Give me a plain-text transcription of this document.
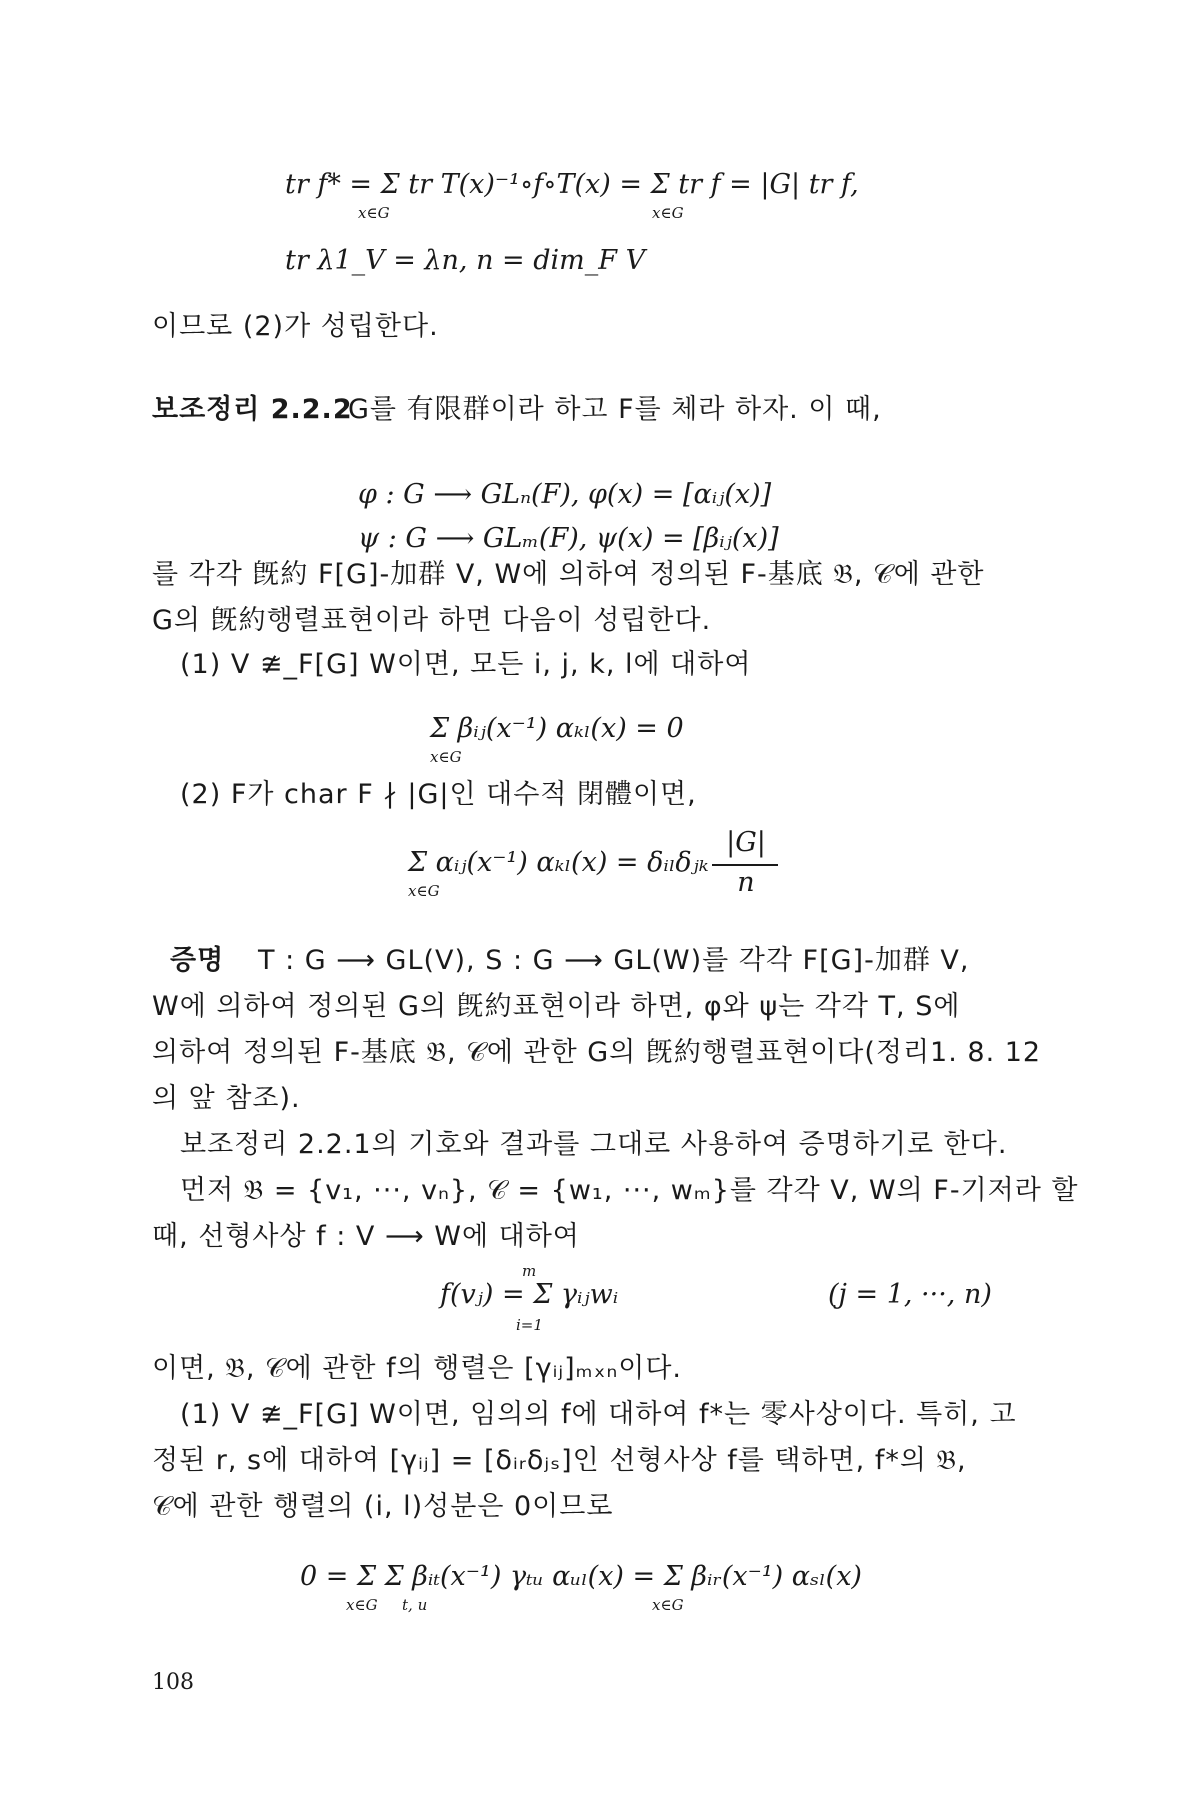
tr f* = Σ tr T(x)⁻¹∘f∘T(x) = Σ tr f = |G| tr f,
x∈G	x∈G
tr λ1_V = λn, n = dim_F V
이므로 (2)가 성립한다.
보조정리 2.2.2
G를 有限群이라 하고 F를 체라 하자. 이 때,
φ : G ⟶ GLₙ(F), φ(x) = [αᵢⱼ(x)]
ψ : G ⟶ GLₘ(F), ψ(x) = [βᵢⱼ(x)]
를 각각 旣約 F[G]-加群 V, W에 의하여 정의된 F-基底 𝔅, 𝒞에 관한
G의 旣約행렬표현이라 하면 다음이 성립한다.
(1) V ≇_F[G] W이면, 모든 i, j, k, l에 대하여
Σ βᵢⱼ(x⁻¹) αₖₗ(x) = 0
x∈G
(2) F가 char F ∤ |G|인 대수적 閉體이면,
Σ αᵢⱼ(x⁻¹) αₖₗ(x) = δᵢₗδⱼₖ
x∈G
|G|
n
증명 T : G ⟶ GL(V), S : G ⟶ GL(W)를 각각 F[G]-加群 V,
W에 의하여 정의된 G의 旣約표현이라 하면, φ와 ψ는 각각 T, S에
의하여 정의된 F-基底 𝔅, 𝒞에 관한 G의 旣約행렬표현이다(정리1. 8. 12
의 앞 참조).
보조정리 2.2.1의 기호와 결과를 그대로 사용하여 증명하기로 한다.
먼저 𝔅 = {v₁, ···, vₙ}, 𝒞 = {w₁, ···, wₘ}를 각각 V, W의 F-기저라 할
때, 선형사상 f : V ⟶ W에 대하여
m
f(vⱼ) = Σ γᵢⱼwᵢ
i=1
(j = 1, ···, n)
이면, 𝔅, 𝒞에 관한 f의 행렬은 [γᵢⱼ]ₘₓₙ이다.
(1) V ≇_F[G] W이면, 임의의 f에 대하여 f*는 零사상이다. 특히, 고
정된 r, s에 대하여 [γᵢⱼ] = [δᵢᵣδⱼₛ]인 선형사상 f를 택하면, f*의 𝔅,
𝒞에 관한 행렬의 (i, l)성분은 0이므로
0 = Σ Σ βᵢₜ(x⁻¹) γₜᵤ αᵤₗ(x) = Σ βᵢᵣ(x⁻¹) αₛₗ(x)
x∈G t, u	x∈G
108
